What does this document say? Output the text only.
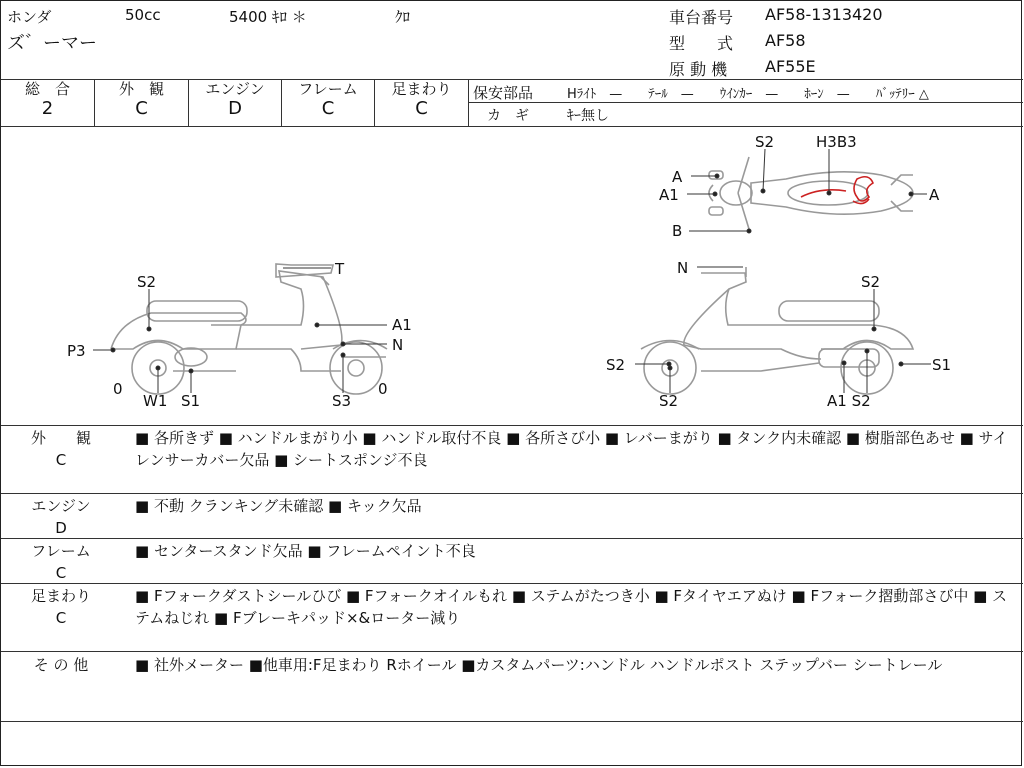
ホンダ	50cc	5400 ｷﾛ ＊	ｸﾛ
ズ゛ーマー
車台番号 AF58-1313420
型　　式 AF58
原 動 機 AF55E
総　合
2
外　観
C
エンジン
D
フレーム
C
足まわり
C
保安部品	Hﾗｲﾄ　—　　ﾃｰﾙ　—　　ｳｲﾝｶｰ　—　　ﾎｰﾝ　—　　ﾊﾞｯﾃﾘｰ △
カ　ギ	ｷｰ無し
S2	H3B3
A
A1
A
B
S2
T
A1
N
P3
0
W1 S1	S3
0
N
S2
S2
S2
S1
A1 S2
外　　観
C
■ 各所きず ■ ハンドルまがり小 ■ ハンドル取付不良 ■ 各所さび小 ■ レバーまがり ■ タンク内未確認 ■ 樹脂部色あせ ■ サイレンサーカバー欠品 ■ シートスポンジ不良
エンジン
D
■ 不動 クランキング未確認 ■ キック欠品
フレーム
C
■ センタースタンド欠品 ■ フレームペイント不良
足まわり
C
■ Fフォークダストシールひび ■ Fフォークオイルもれ ■ ステムがたつき小 ■ Fタイヤエアぬけ ■ Fフォーク摺動部さび中 ■ ステムねじれ ■ Fブレーキパッド×&ローター減り
そ の 他	■ 社外メーター ■他車用:F足まわり Rホイール ■カスタムパーツ:ハンドル ハンドルポスト ステップバー シートレール
